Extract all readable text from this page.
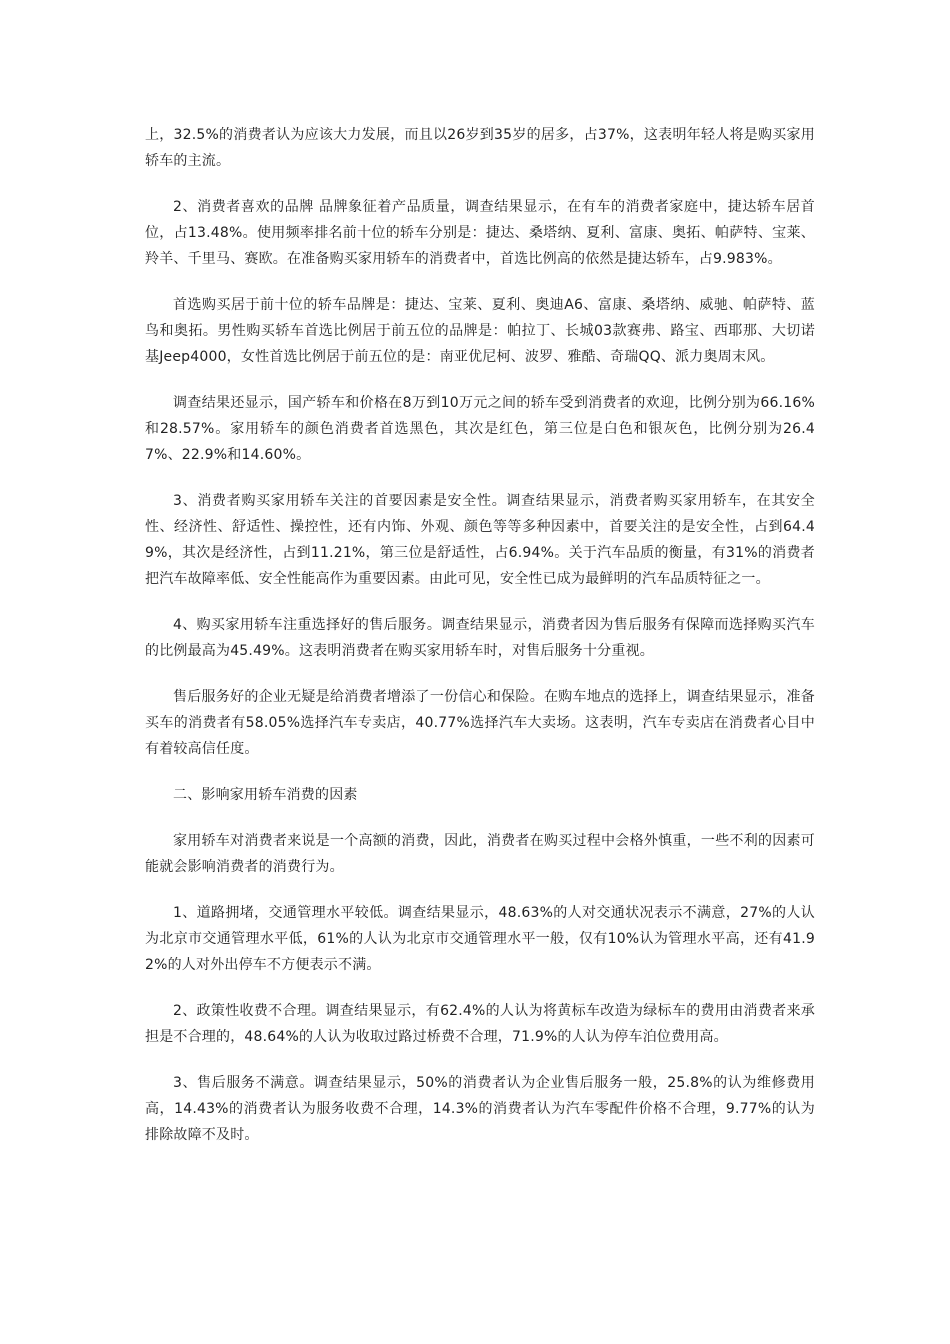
上，32.5%的消费者认为应该大力发展，而且以26岁到35岁的居多，占37%，这表明年轻人将是购买家用轿车的主流。

2、消费者喜欢的品牌 品牌象征着产品质量，调查结果显示，在有车的消费者家庭中，捷达轿车居首位，占13.48%。使用频率排名前十位的轿车分别是：捷达、桑塔纳、夏利、富康、奥拓、帕萨特、宝莱、羚羊、千里马、赛欧。在准备购买家用轿车的消费者中，首选比例高的依然是捷达轿车，占9.983%。

首选购买居于前十位的轿车品牌是：捷达、宝莱、夏利、奥迪A6、富康、桑塔纳、威驰、帕萨特、蓝鸟和奥拓。男性购买轿车首选比例居于前五位的品牌是：帕拉丁、长城03款赛弗、路宝、西耶那、大切诺基Jeep4000，女性首选比例居于前五位的是：南亚优尼柯、波罗、雅酷、奇瑞QQ、派力奥周末风。

调查结果还显示，国产轿车和价格在8万到10万元之间的轿车受到消费者的欢迎，比例分别为66.16%和28.57%。家用轿车的颜色消费者首选黑色，其次是红色，第三位是白色和银灰色，比例分别为26.47%、22.9%和14.60%。

3、消费者购买家用轿车关注的首要因素是安全性。调查结果显示，消费者购买家用轿车，在其安全性、经济性、舒适性、操控性，还有内饰、外观、颜色等等多种因素中，首要关注的是安全性，占到64.49%，其次是经济性，占到11.21%，第三位是舒适性，占6.94%。关于汽车品质的衡量，有31%的消费者把汽车故障率低、安全性能高作为重要因素。由此可见，安全性已成为最鲜明的汽车品质特征之一。

4、购买家用轿车注重选择好的售后服务。调查结果显示，消费者因为售后服务有保障而选择购买汽车的比例最高为45.49%。这表明消费者在购买家用轿车时，对售后服务十分重视。

售后服务好的企业无疑是给消费者增添了一份信心和保险。在购车地点的选择上，调查结果显示，准备买车的消费者有58.05%选择汽车专卖店，40.77%选择汽车大卖场。这表明，汽车专卖店在消费者心目中有着较高信任度。

二、影响家用轿车消费的因素

家用轿车对消费者来说是一个高额的消费，因此，消费者在购买过程中会格外慎重，一些不利的因素可能就会影响消费者的消费行为。

1、道路拥堵，交通管理水平较低。调查结果显示，48.63%的人对交通状况表示不满意，27%的人认为北京市交通管理水平低，61%的人认为北京市交通管理水平一般，仅有10%认为管理水平高，还有41.92%的人对外出停车不方便表示不满。

2、政策性收费不合理。调查结果显示，有62.4%的人认为将黄标车改造为绿标车的费用由消费者来承担是不合理的，48.64%的人认为收取过路过桥费不合理，71.9%的人认为停车泊位费用高。

3、售后服务不满意。调查结果显示，50%的消费者认为企业售后服务一般，25.8%的认为维修费用高，14.43%的消费者认为服务收费不合理，14.3%的消费者认为汽车零配件价格不合理，9.77%的认为排除故障不及时。
